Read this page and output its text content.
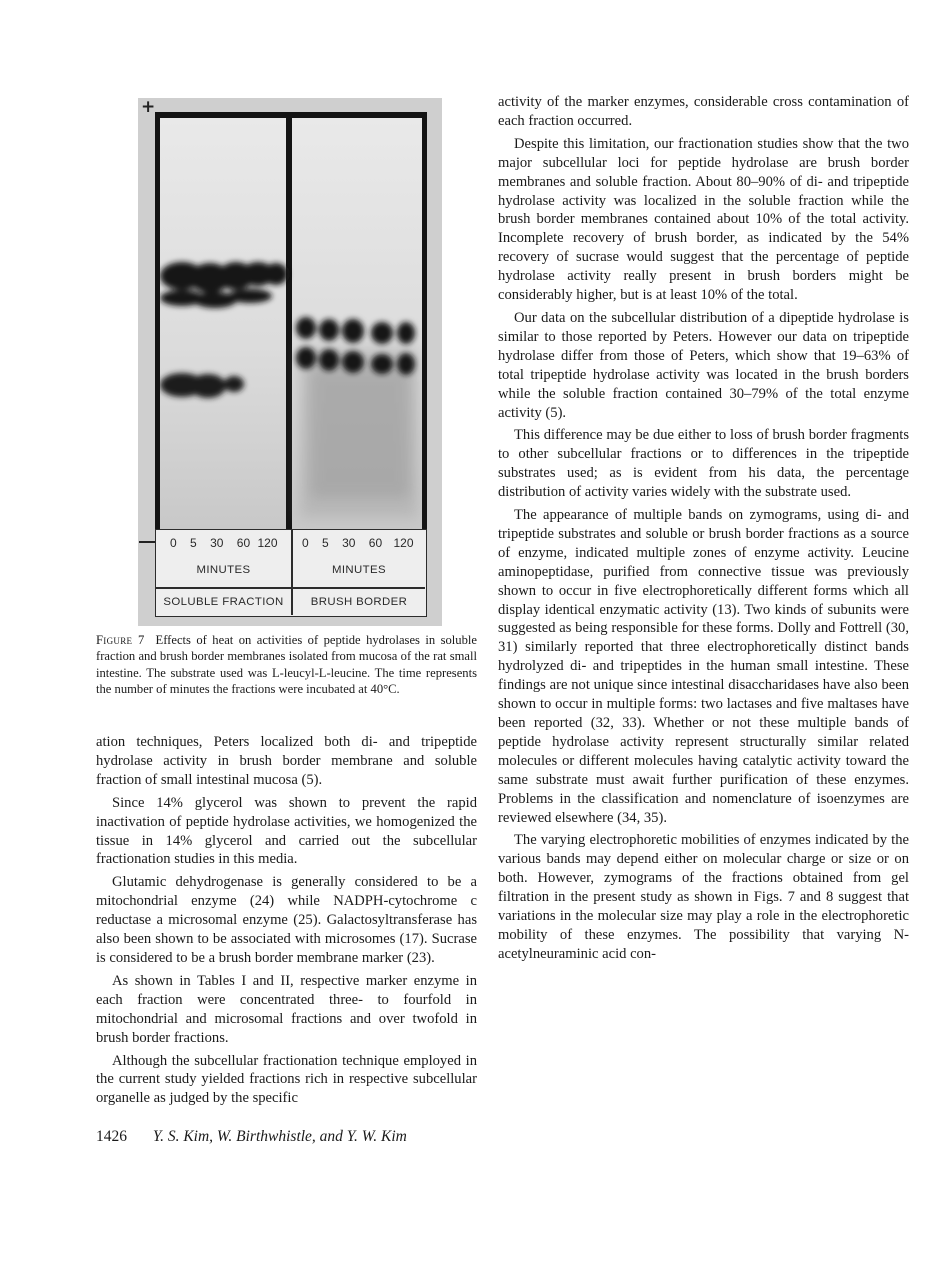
+
0 5 30 60 120	0 5 30 60 120
MINUTES	MINUTES
SOLUBLE FRACTION	BRUSH BORDER
Figure 7 Effects of heat on activities of peptide hydrolases in soluble fraction and brush border membranes isolated from mucosa of the rat small intestine. The substrate used was L-leucyl-L-leucine. The time represents the number of minutes the fractions were incubated at 40°C.

ation techniques, Peters localized both di- and tripeptide hydrolase activity in brush border membrane and soluble fraction of small intestinal mucosa (5).

Since 14% glycerol was shown to prevent the rapid inactivation of peptide hydrolase activities, we homogenized the tissue in 14% glycerol and carried out the subcellular fractionation studies in this media.

Glutamic dehydrogenase is generally considered to be a mitochondrial enzyme (24) while NADPH-cytochrome c reductase a microsomal enzyme (25). Galactosyltransferase has also been shown to be associated with microsomes (17). Sucrase is considered to be a brush border membrane marker (23).

As shown in Tables I and II, respective marker enzyme in each fraction were concentrated three- to fourfold in mitochondrial and microsomal fractions and over twofold in brush border fractions.

Although the subcellular fractionation technique employed in the current study yielded fractions rich in respective subcellular organelle as judged by the specific

activity of the marker enzymes, considerable cross contamination of each fraction occurred.

Despite this limitation, our fractionation studies show that the two major subcellular loci for peptide hydrolase are brush border membranes and soluble fraction. About 80–90% of di- and tripeptide hydrolase activity was localized in the soluble fraction while the brush border membranes contained about 10% of the total activity. Incomplete recovery of brush border, as indicated by the 54% recovery of sucrase would suggest that the percentage of peptide hydrolase activity really present in brush borders might be considerably higher, but is at least 10% of the total.

Our data on the subcellular distribution of a dipeptide hydrolase is similar to those reported by Peters. However our data on tripeptide hydrolase differ from those of Peters, which show that 19–63% of total tripeptide hydrolase activity was located in the brush borders while the soluble fraction contained 30–79% of the total enzyme activity (5).

This difference may be due either to loss of brush border fragments to other subcellular fractions or to differences in the tripeptide substrates used; as is evident from his data, the percentage distribution of activity varies widely with the substrate used.

The appearance of multiple bands on zymograms, using di- and tripeptide substrates and soluble or brush border fractions as a source of enzyme, indicated multiple zones of enzyme activity. Leucine aminopeptidase, purified from connective tissue was previously shown to occur in five electrophoretically different forms which all display identical enzymatic activity (13). Two kinds of subunits were suggested as being responsible for these forms. Dolly and Fottrell (30, 31) similarly reported that three electrophoretically distinct bands hydrolyzed di- and tripeptides in the human small intestine. These findings are not unique since intestinal disaccharidases have also been shown to occur in multiple forms: two lactases and five maltases have been reported (32, 33). Whether or not these multiple bands of peptide hydrolase activity represent structurally similar related molecules or different molecules having catalytic activity toward the same substrate must await further purification of these enzymes. Problems in the classification and nomenclature of isoenzymes are reviewed elsewhere (34, 35).

The varying electrophoretic mobilities of enzymes indicated by the various bands may depend either on molecular charge or size or on both. However, zymograms of the fractions obtained from gel filtration in the present study as shown in Figs. 7 and 8 suggest that variations in the molecular size may play a role in the electrophoretic mobility of these enzymes. The possibility that varying N-acetylneuraminic acid con-

1426 Y. S. Kim, W. Birthwhistle, and Y. W. Kim
